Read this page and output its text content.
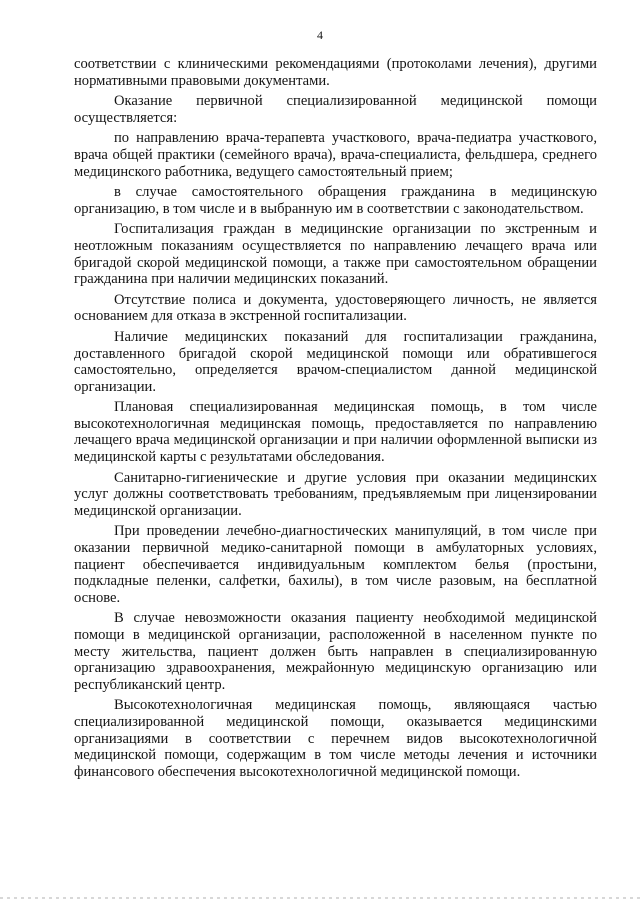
4

соответствии с клиническими рекомендациями (протоколами лечения), другими нормативными правовыми документами.

Оказание первичной специализированной медицинской помощи осуществляется:

по направлению врача-терапевта участкового, врача-педиатра участкового, врача общей практики (семейного врача), врача-специалиста, фельдшера, среднего медицинского работника, ведущего самостоятельный прием;

в случае самостоятельного обращения гражданина в медицинскую организацию, в том числе и в выбранную им в соответствии с законодательством.

Госпитализация граждан в медицинские организации по экстренным и неотложным показаниям осуществляется по направлению лечащего врача или бригадой скорой медицинской помощи, а также при самостоятельном обращении гражданина при наличии медицинских показаний.

Отсутствие полиса и документа, удостоверяющего личность, не является основанием для отказа в экстренной госпитализации.

Наличие медицинских показаний для госпитализации гражданина, доставленного бригадой скорой медицинской помощи или обратившегося самостоятельно, определяется врачом-специалистом данной медицинской организации.

Плановая специализированная медицинская помощь, в том числе высокотехнологичная медицинская помощь, предоставляется по направлению лечащего врача медицинской организации и при наличии оформленной выписки из медицинской карты с результатами обследования.

Санитарно-гигиенические и другие условия при оказании медицинских услуг должны соответствовать требованиям, предъявляемым при лицензировании медицинской организации.

При проведении лечебно-диагностических манипуляций, в том числе при оказании первичной медико-санитарной помощи в амбулаторных условиях, пациент обеспечивается индивидуальным комплектом белья (простыни, подкладные пеленки, салфетки, бахилы), в том числе разовым, на бесплатной основе.

В случае невозможности оказания пациенту необходимой медицинской помощи в медицинской организации, расположенной в населенном пункте по месту жительства, пациент должен быть направлен в специализированную организацию здравоохранения, межрайонную медицинскую организацию или республиканский центр.

Высокотехнологичная медицинская помощь, являющаяся частью специализированной медицинской помощи, оказывается медицинскими организациями в соответствии с перечнем видов высокотехнологичной медицинской помощи, содержащим в том числе методы лечения и источники финансового обеспечения высокотехнологичной медицинской помощи.
